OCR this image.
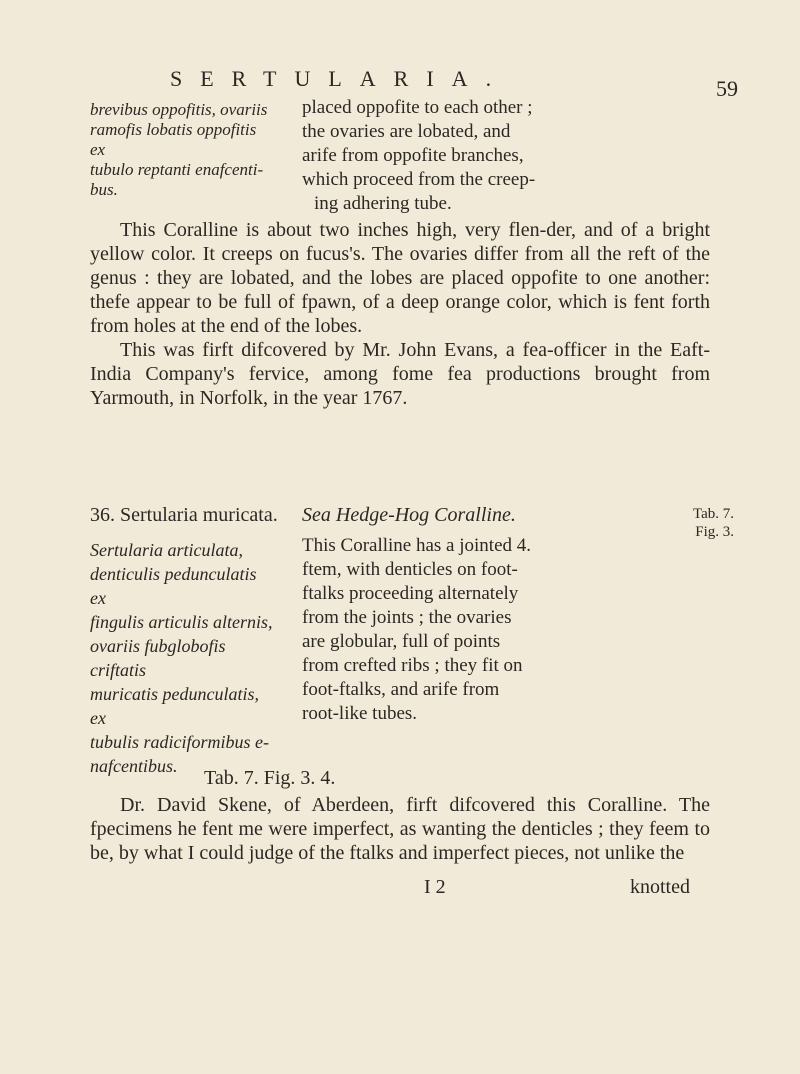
SERTULARIA.	59
brevibus oppofitis, ovariis
ramofis lobatis oppofitis ex
tubulo reptanti enafcenti-
bus.
placed oppofite to each other ;
the ovaries are lobated, and
arife from oppofite branches,
which proceed from the creep-
ing adhering tube.

This Coralline is about two inches high, very flen-der, and of a bright yellow color. It creeps on fucus's. The ovaries differ from all the reft of the genus : they are lobated, and the lobes are placed oppofite to one another: thefe appear to be full of fpawn, of a deep orange color, which is fent forth from holes at the end of the lobes.

This was firft difcovered by Mr. John Evans, a fea-officer in the Eaft-India Company's fervice, among fome fea productions brought from Yarmouth, in Norfolk, in the year 1767.

36. Sertularia muricata. Sea Hedge-Hog Coralline.	Tab. 7.
Fig. 3.
Sertularia articulata,
denticulis pedunculatis ex
fingulis articulis alternis,
ovariis fubglobofis criftatis
muricatis pedunculatis, ex
tubulis radiciformibus e-
nafcentibus.
This Coralline has a jointed 4.
ftem, with denticles on foot-
ftalks proceeding alternately
from the joints ; the ovaries
are globular, full of points
from crefted ribs ; they fit on
foot-ftalks, and arife from
root-like tubes.
Tab. 7. Fig. 3. 4.

Dr. David Skene, of Aberdeen, firft difcovered this Coralline. The fpecimens he fent me were imperfect, as wanting the denticles ; they feem to be, by what I could judge of the ftalks and imperfect pieces, not unlike the

I 2	knotted
